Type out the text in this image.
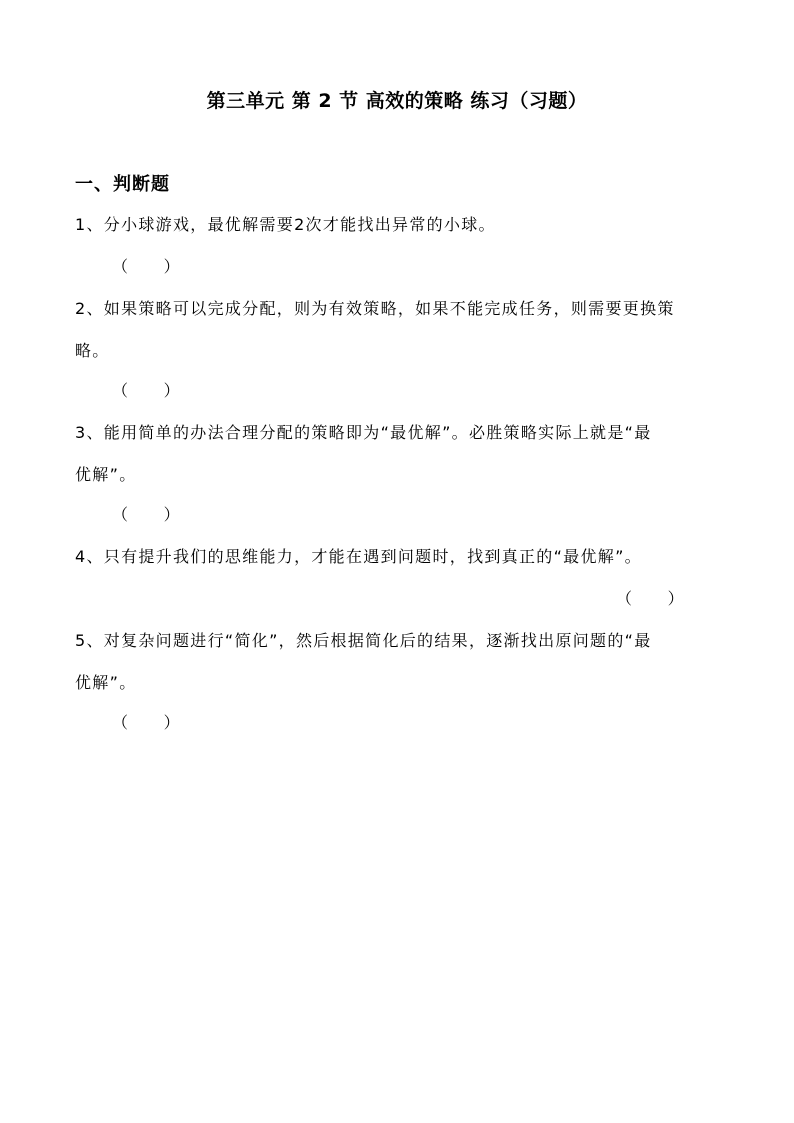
第三单元 第 2 节 高效的策略 练习（习题）
一、判断题
1、分小球游戏，最优解需要2次才能找出异常的小球。
（       ）
2、如果策略可以完成分配，则为有效策略，如果不能完成任务，则需要更换策
略。
（       ）
3、能用简单的办法合理分配的策略即为“最优解”。必胜策略实际上就是“最
优解”。
（       ）
4、只有提升我们的思维能力，才能在遇到问题时，找到真正的“最优解”。
（       ）
5、对复杂问题进行“简化”，然后根据简化后的结果，逐渐找出原问题的“最
优解”。
（       ）
